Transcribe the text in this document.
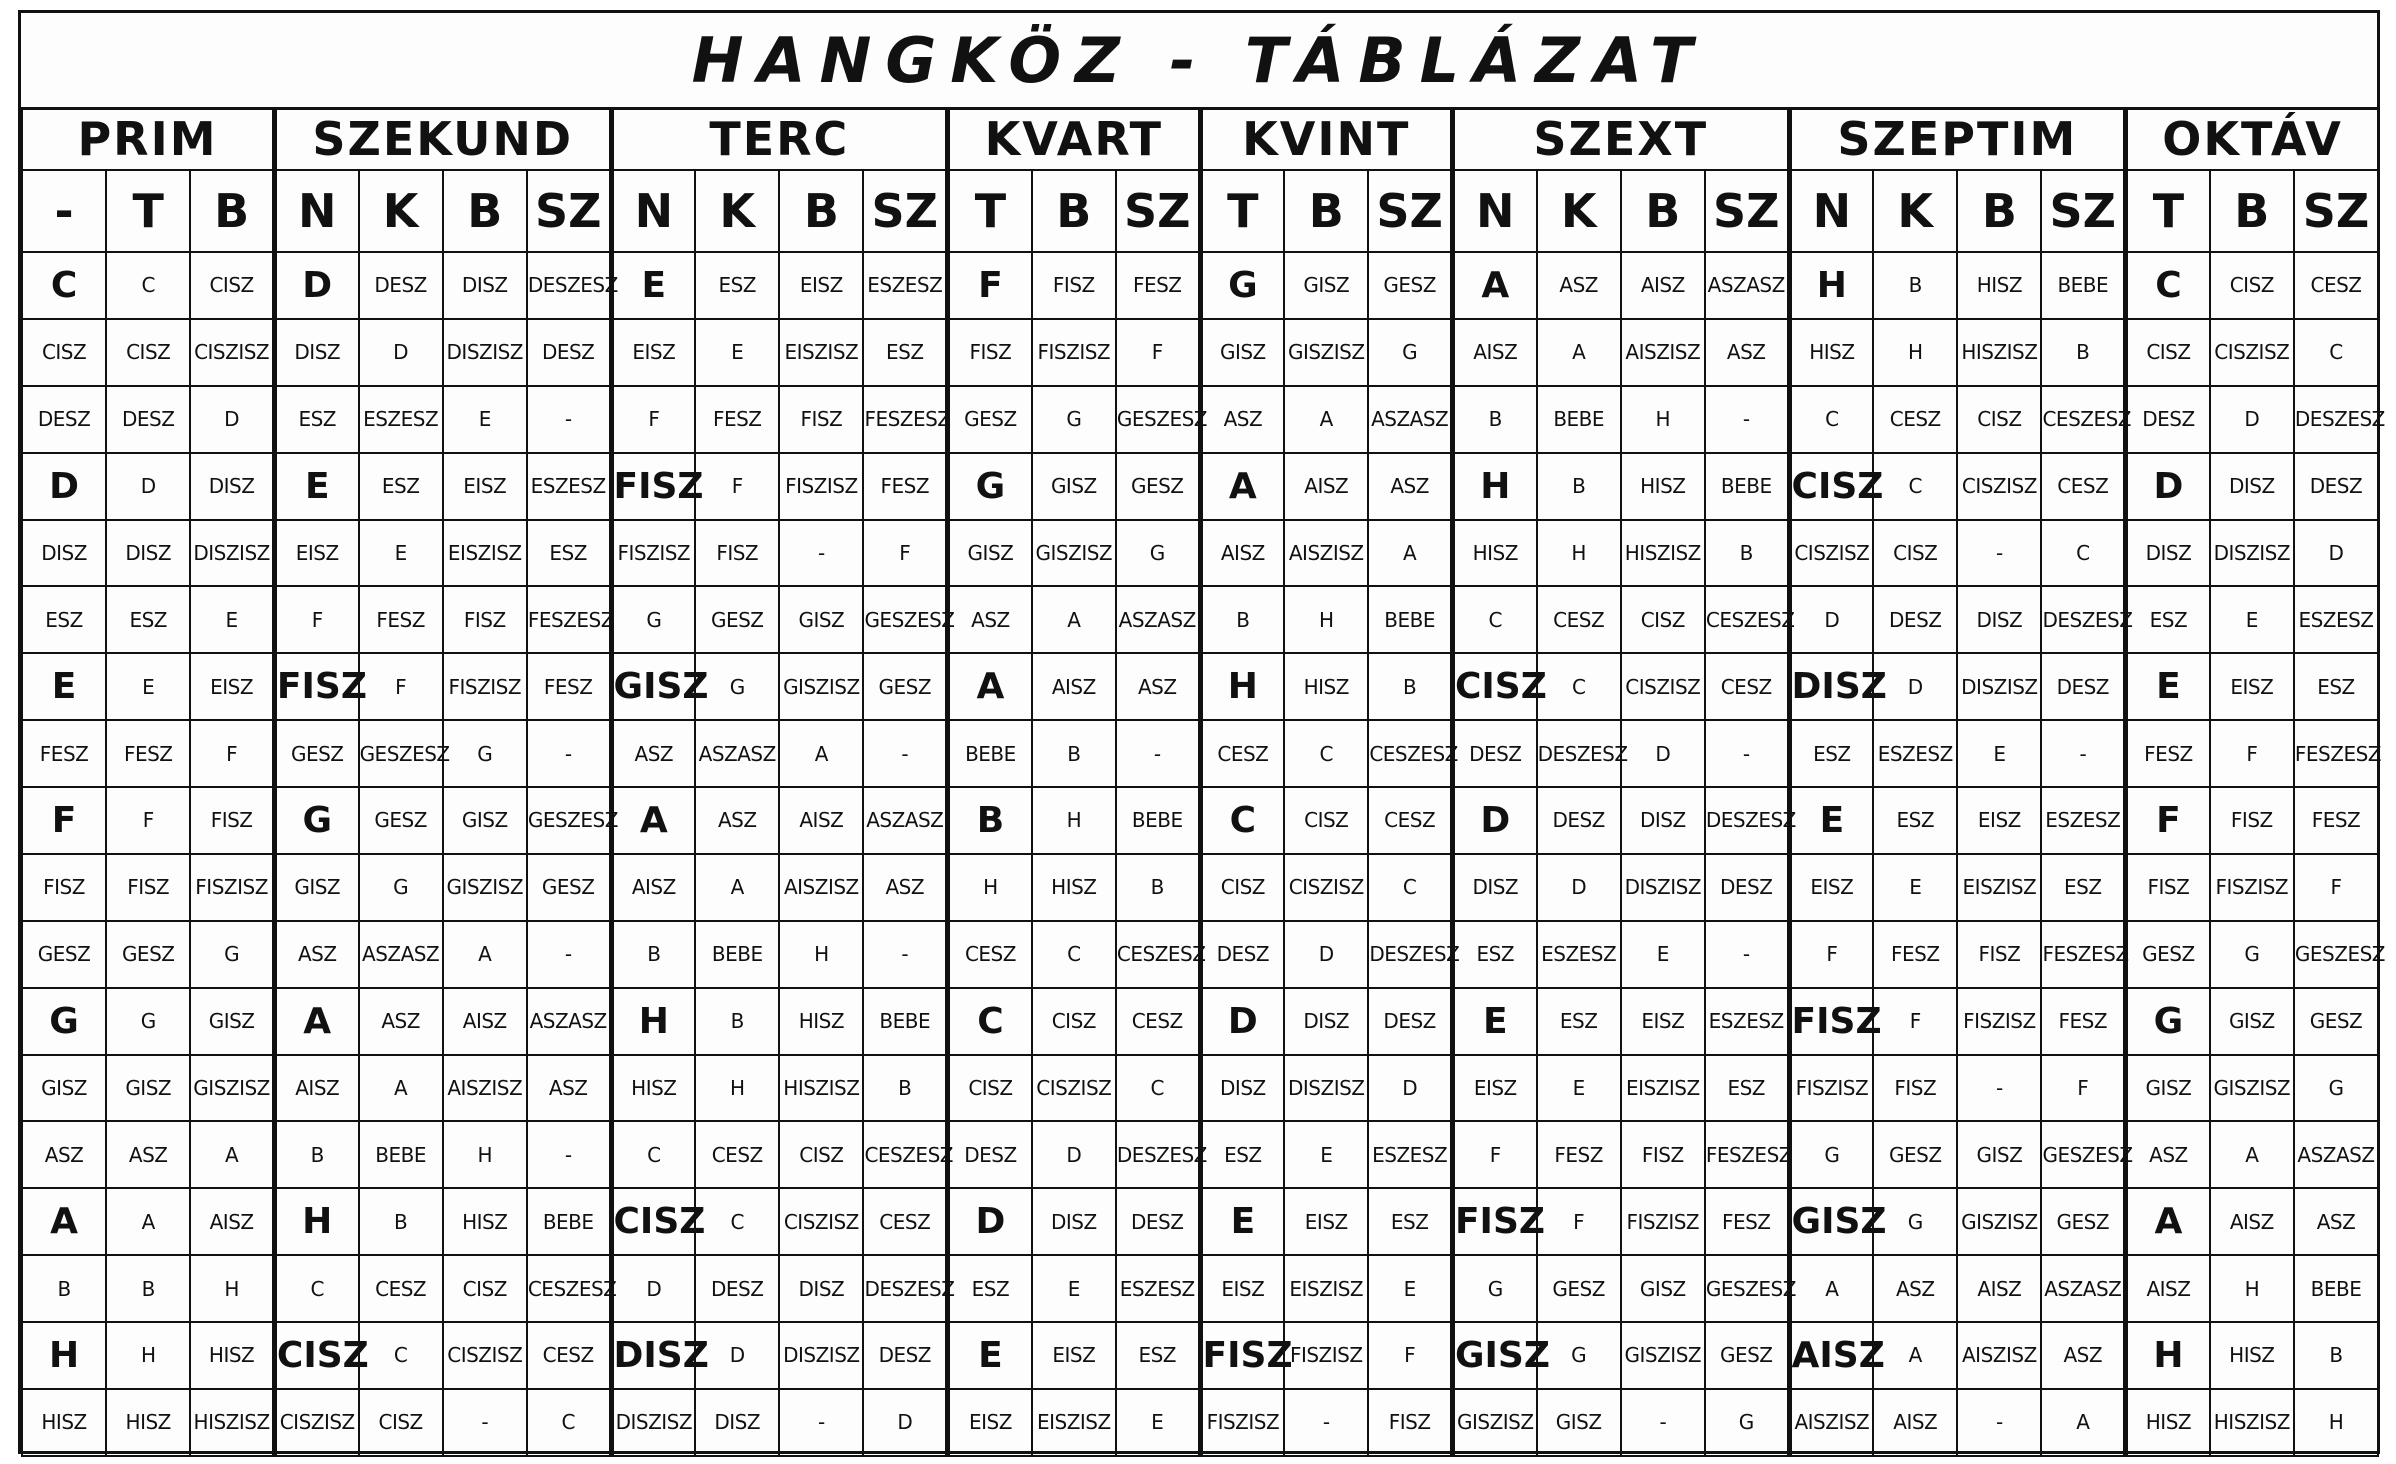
HANGKÖZ - TÁBLÁZAT
PRIM			SZEKUND				TERC				KVART			KVINT			SZEXT				SZEPTIM				OKTÁV		
-	T	B	N	K	B	SZ	N	K	B	SZ	T	B	SZ	T	B	SZ	N	K	B	SZ	N	K	B	SZ	T	B	SZ
C	C	CISZ	D	DESZ	DISZ	DESZESZ	E	ESZ	EISZ	ESZESZ	F	FISZ	FESZ	G	GISZ	GESZ	A	ASZ	AISZ	ASZASZ	H	B	HISZ	BEBE	C	CISZ	CESZ
CISZ	CISZ	CISZISZ	DISZ	D	DISZISZ	DESZ	EISZ	E	EISZISZ	ESZ	FISZ	FISZISZ	F	GISZ	GISZISZ	G	AISZ	A	AISZISZ	ASZ	HISZ	H	HISZISZ	B	CISZ	CISZISZ	C
DESZ	DESZ	D	ESZ	ESZESZ	E	-	F	FESZ	FISZ	FESZESZ	GESZ	G	GESZESZ	ASZ	A	ASZASZ	B	BEBE	H	-	C	CESZ	CISZ	CESZESZ	DESZ	D	DESZESZ
D	D	DISZ	E	ESZ	EISZ	ESZESZ	FISZ	F	FISZISZ	FESZ	G	GISZ	GESZ	A	AISZ	ASZ	H	B	HISZ	BEBE	CISZ	C	CISZISZ	CESZ	D	DISZ	DESZ
DISZ	DISZ	DISZISZ	EISZ	E	EISZISZ	ESZ	FISZISZ	FISZ	-	F	GISZ	GISZISZ	G	AISZ	AISZISZ	A	HISZ	H	HISZISZ	B	CISZISZ	CISZ	-	C	DISZ	DISZISZ	D
ESZ	ESZ	E	F	FESZ	FISZ	FESZESZ	G	GESZ	GISZ	GESZESZ	ASZ	A	ASZASZ	B	H	BEBE	C	CESZ	CISZ	CESZESZ	D	DESZ	DISZ	DESZESZ	ESZ	E	ESZESZ
E	E	EISZ	FISZ	F	FISZISZ	FESZ	GISZ	G	GISZISZ	GESZ	A	AISZ	ASZ	H	HISZ	B	CISZ	C	CISZISZ	CESZ	DISZ	D	DISZISZ	DESZ	E	EISZ	ESZ
FESZ	FESZ	F	GESZ	GESZESZ	G	-	ASZ	ASZASZ	A	-	BEBE	B	-	CESZ	C	CESZESZ	DESZ	DESZESZ	D	-	ESZ	ESZESZ	E	-	FESZ	F	FESZESZ
F	F	FISZ	G	GESZ	GISZ	GESZESZ	A	ASZ	AISZ	ASZASZ	B	H	BEBE	C	CISZ	CESZ	D	DESZ	DISZ	DESZESZ	E	ESZ	EISZ	ESZESZ	F	FISZ	FESZ
FISZ	FISZ	FISZISZ	GISZ	G	GISZISZ	GESZ	AISZ	A	AISZISZ	ASZ	H	HISZ	B	CISZ	CISZISZ	C	DISZ	D	DISZISZ	DESZ	EISZ	E	EISZISZ	ESZ	FISZ	FISZISZ	F
GESZ	GESZ	G	ASZ	ASZASZ	A	-	B	BEBE	H	-	CESZ	C	CESZESZ	DESZ	D	DESZESZ	ESZ	ESZESZ	E	-	F	FESZ	FISZ	FESZESZ	GESZ	G	GESZESZ
G	G	GISZ	A	ASZ	AISZ	ASZASZ	H	B	HISZ	BEBE	C	CISZ	CESZ	D	DISZ	DESZ	E	ESZ	EISZ	ESZESZ	FISZ	F	FISZISZ	FESZ	G	GISZ	GESZ
GISZ	GISZ	GISZISZ	AISZ	A	AISZISZ	ASZ	HISZ	H	HISZISZ	B	CISZ	CISZISZ	C	DISZ	DISZISZ	D	EISZ	E	EISZISZ	ESZ	FISZISZ	FISZ	-	F	GISZ	GISZISZ	G
ASZ	ASZ	A	B	BEBE	H	-	C	CESZ	CISZ	CESZESZ	DESZ	D	DESZESZ	ESZ	E	ESZESZ	F	FESZ	FISZ	FESZESZ	G	GESZ	GISZ	GESZESZ	ASZ	A	ASZASZ
A	A	AISZ	H	B	HISZ	BEBE	CISZ	C	CISZISZ	CESZ	D	DISZ	DESZ	E	EISZ	ESZ	FISZ	F	FISZISZ	FESZ	GISZ	G	GISZISZ	GESZ	A	AISZ	ASZ
B	B	H	C	CESZ	CISZ	CESZESZ	D	DESZ	DISZ	DESZESZ	ESZ	E	ESZESZ	EISZ	EISZISZ	E	G	GESZ	GISZ	GESZESZ	A	ASZ	AISZ	ASZASZ	AISZ	H	BEBE
H	H	HISZ	CISZ	C	CISZISZ	CESZ	DISZ	D	DISZISZ	DESZ	E	EISZ	ESZ	FISZ	FISZISZ	F	GISZ	G	GISZISZ	GESZ	AISZ	A	AISZISZ	ASZ	H	HISZ	B
HISZ	HISZ	HISZISZ	CISZISZ	CISZ	-	C	DISZISZ	DISZ	-	D	EISZ	EISZISZ	E	FISZISZ	-	FISZ	GISZISZ	GISZ	-	G	AISZISZ	AISZ	-	A	HISZ	HISZISZ	H
